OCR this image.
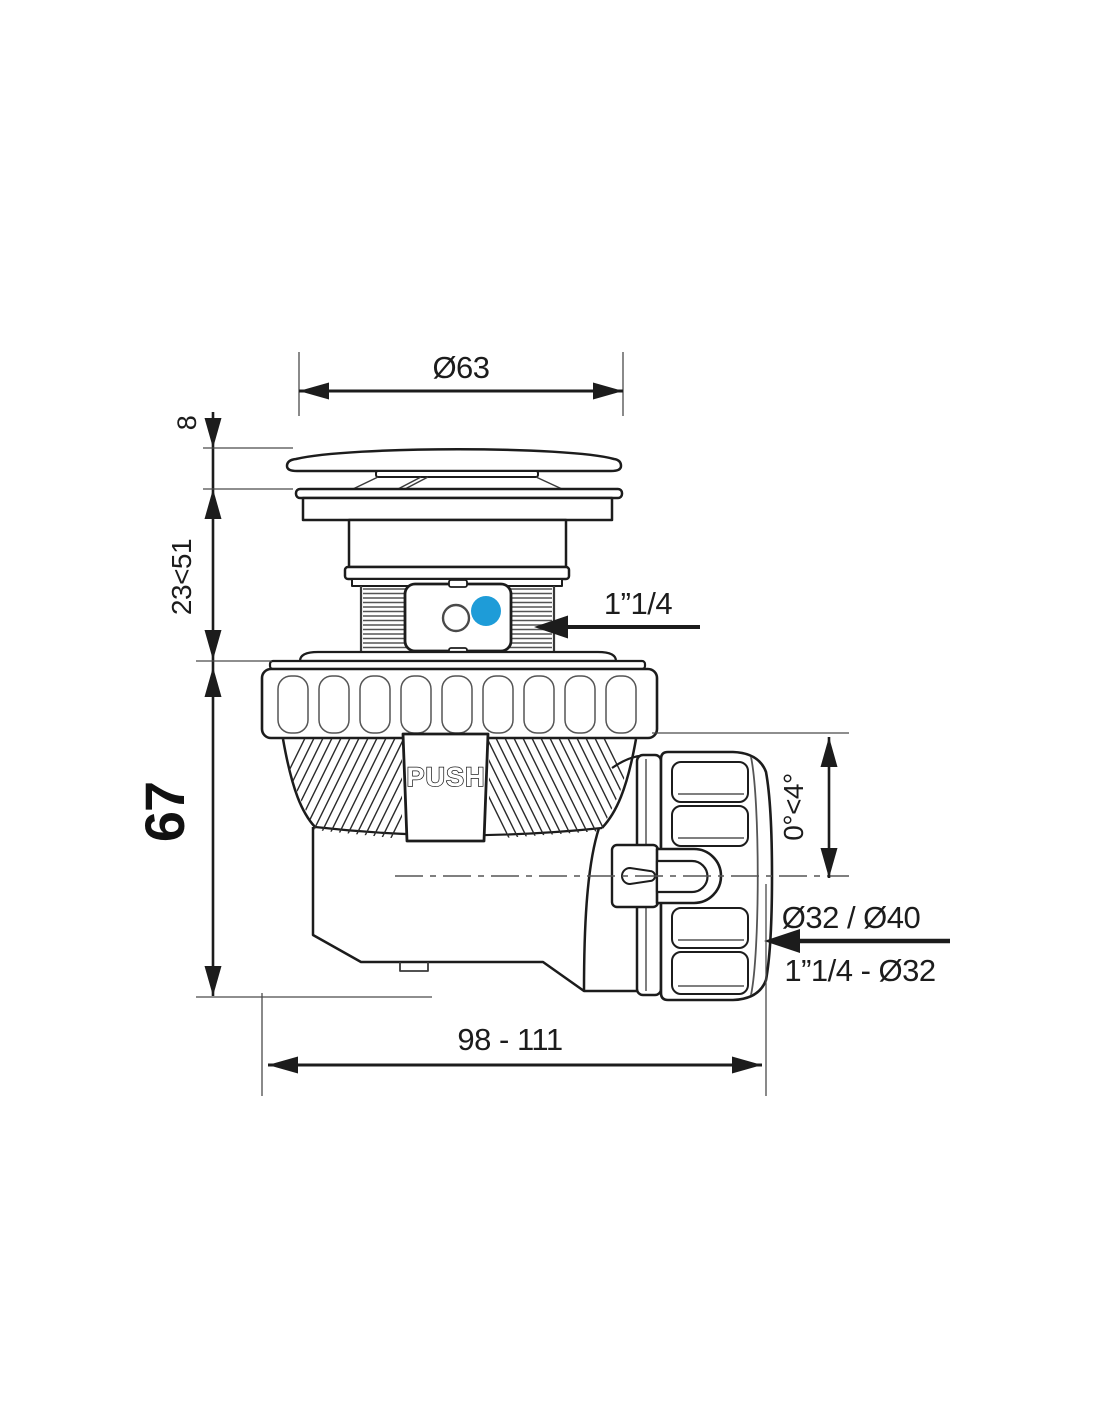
PUSH
Ø63
8
23<51
67
1”1/4
0°<4°
Ø32 / Ø40
1”1/4 - Ø32
98 - 111
